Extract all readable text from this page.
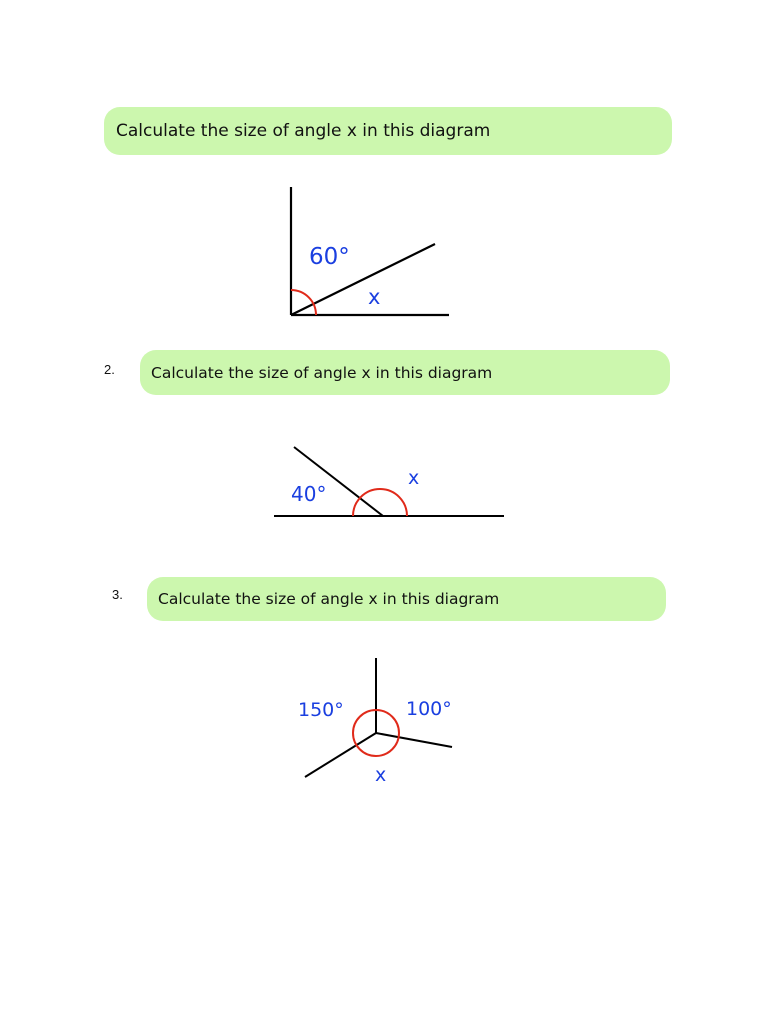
Calculate the size of angle x in this diagram
2. Calculate the size of angle x in this diagram
3. Calculate the size of angle x in this diagram
60°
x
40°
x
150°	100°
x
